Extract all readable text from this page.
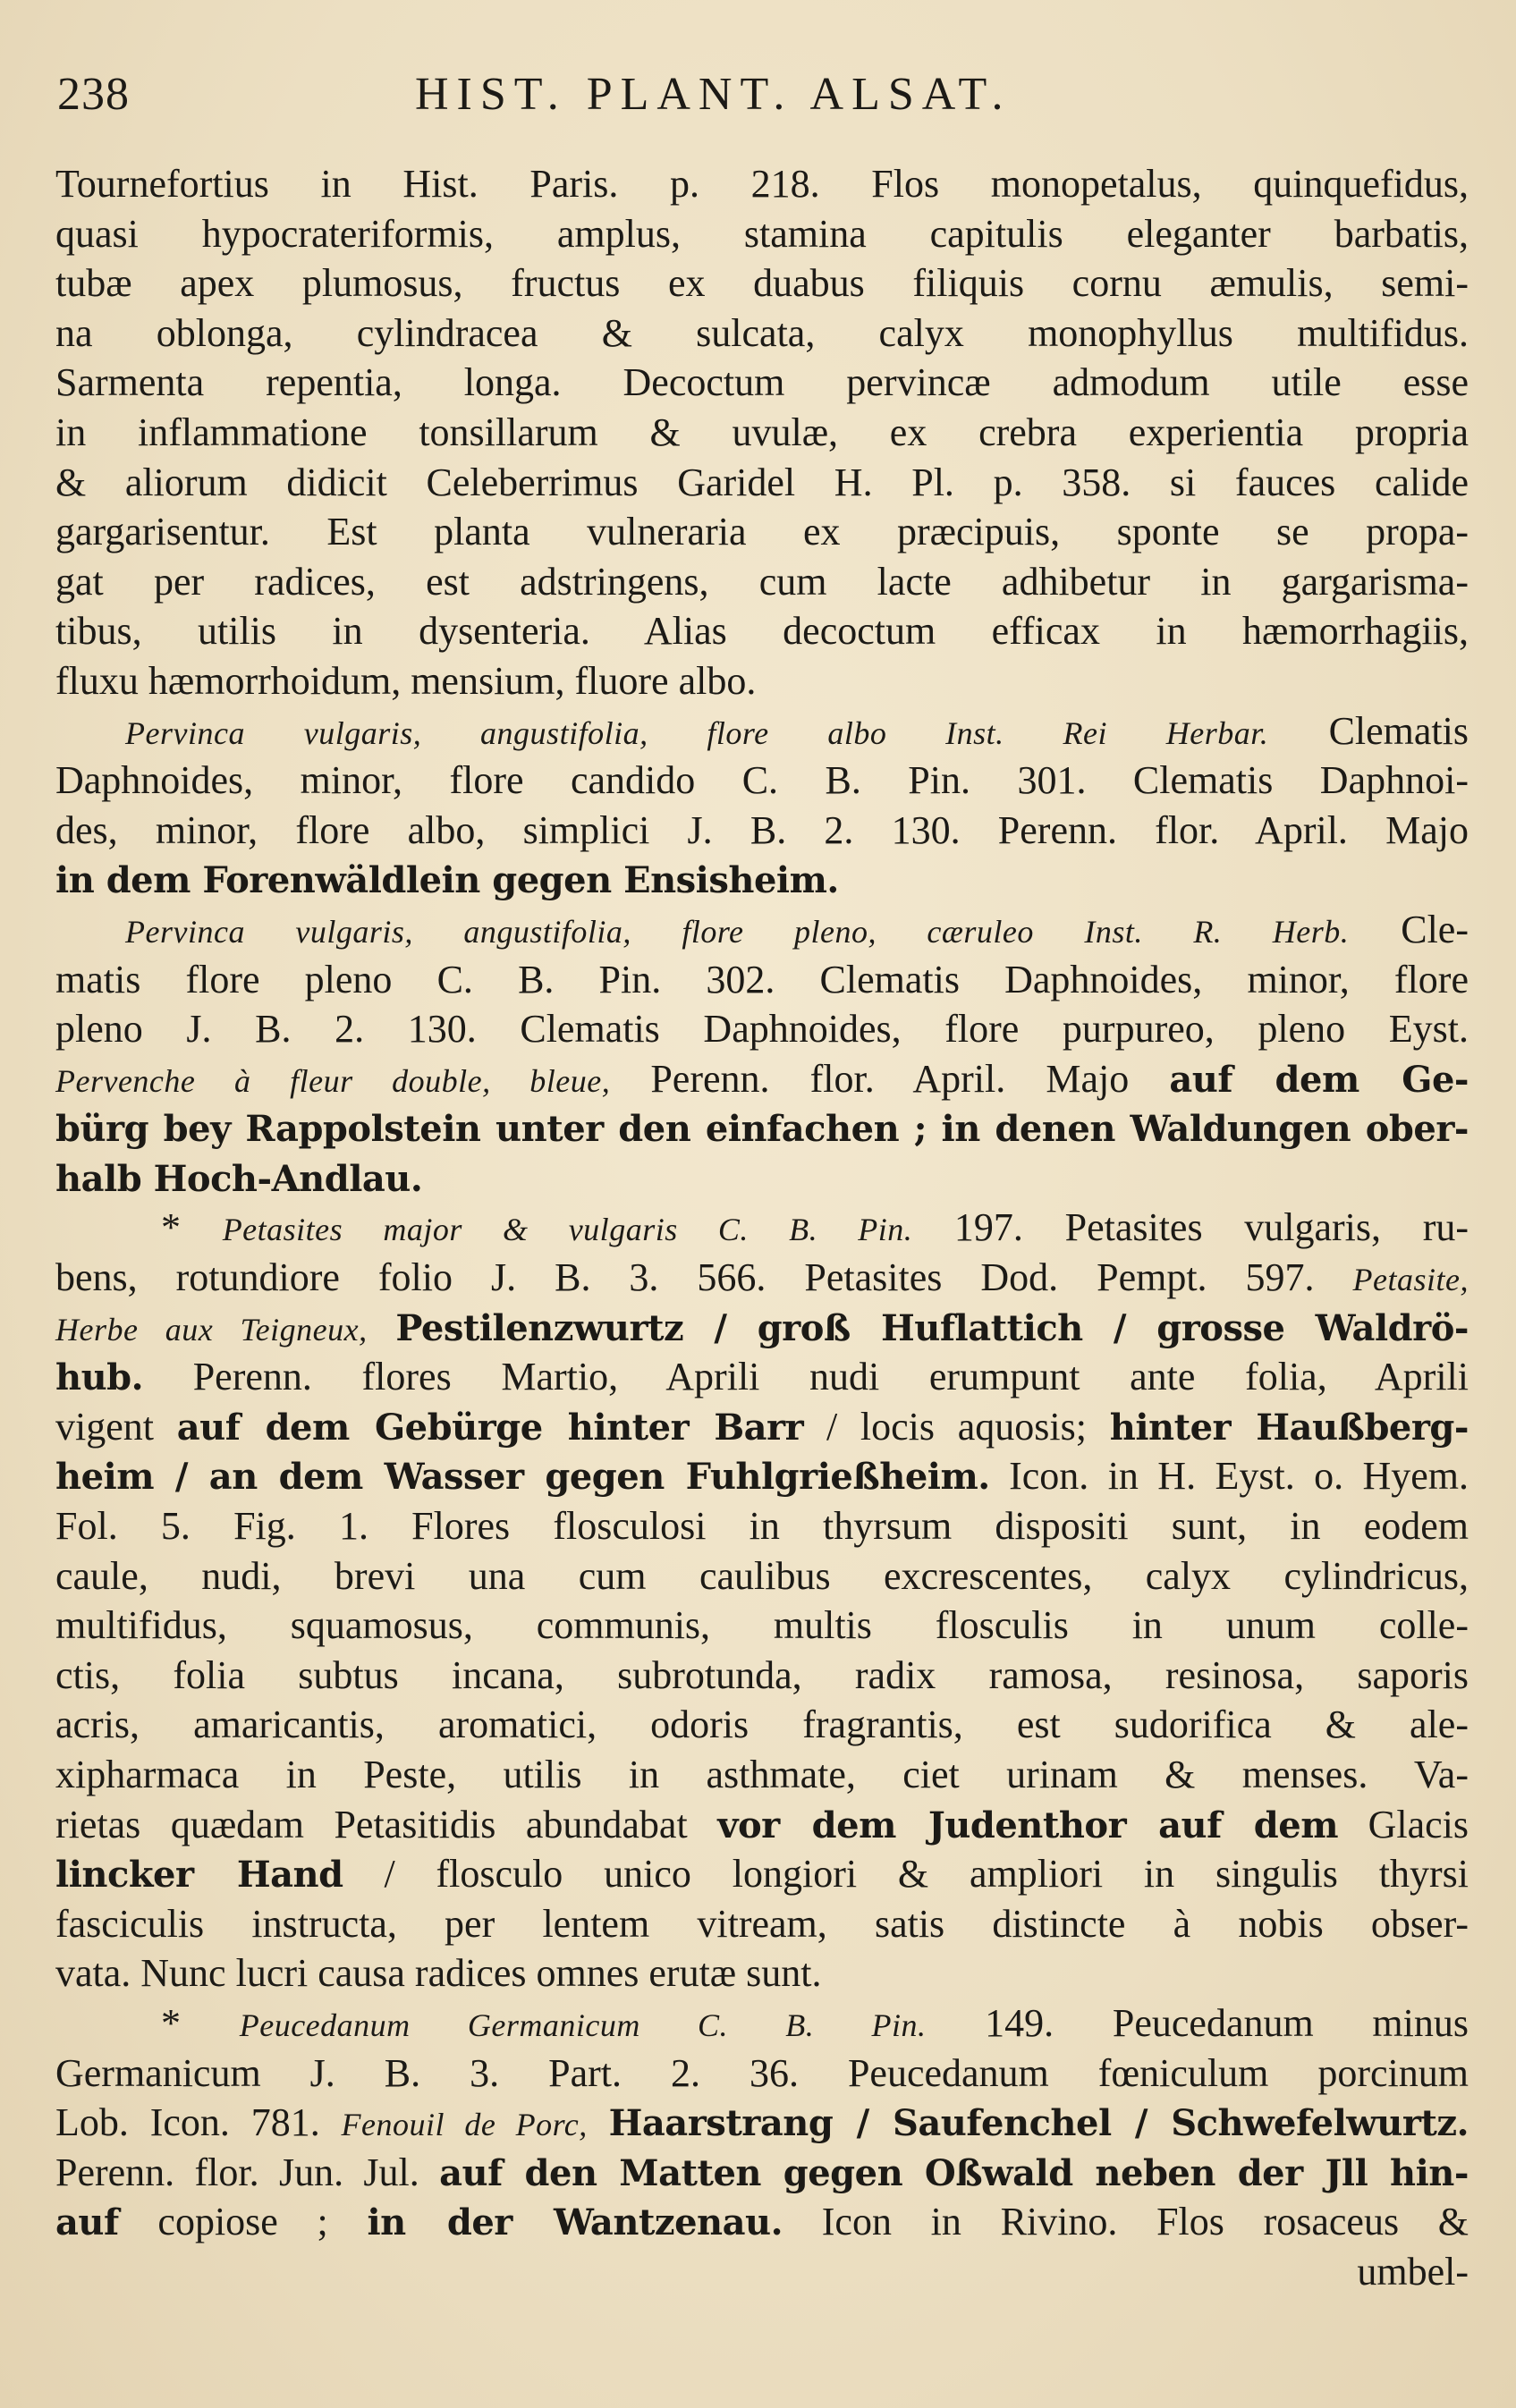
238	HIST. PLANT. ALSAT.
Tournefortius in Hist. Paris. p. 218. Flos monopetalus, quinquefidus,
quasi hypocrateriformis, amplus, stamina capitulis eleganter barbatis,
tubæ apex plumosus, fructus ex duabus filiquis cornu æmulis, semi-
na oblonga, cylindracea & sulcata, calyx monophyllus multifidus.
Sarmenta repentia, longa. Decoctum pervincæ admodum utile esse
in inflammatione tonsillarum & uvulæ, ex crebra experientia propria
& aliorum didicit Celeberrimus Garidel H. Pl. p. 358. si fauces calide
gargarisentur. Est planta vulneraria ex præcipuis, sponte se propa-
gat per radices, est adstringens, cum lacte adhibetur in gargarisma-
tibus, utilis in dysenteria. Alias decoctum efficax in hæmorrhagiis,
fluxu hæmorrhoidum, mensium, fluore albo.
Pervinca vulgaris, angustifolia, flore albo Inst. Rei Herbar. Clematis
Daphnoides, minor, flore candido C. B. Pin. 301. Clematis Daphnoi-
des, minor, flore albo, simplici J. B. 2. 130. Perenn. flor. April. Majo
in dem Forenwäldlein gegen Ensisheim.
Pervinca vulgaris, angustifolia, flore pleno, cæruleo Inst. R. Herb. Cle-
matis flore pleno C. B. Pin. 302. Clematis Daphnoides, minor, flore
pleno J. B. 2. 130. Clematis Daphnoides, flore purpureo, pleno Eyst.
Pervenche à fleur double, bleue, Perenn. flor. April. Majo auf dem Ge-
bürg bey Rappolstein unter den einfachen ; in denen Waldungen ober-
halb Hoch-Andlau.
* Petasites major & vulgaris C. B. Pin. 197. Petasites vulgaris, ru-
bens, rotundiore folio J. B. 3. 566. Petasites Dod. Pempt. 597. Petasite,
Herbe aux Teigneux, Pestilenzwurtz / groß Huflattich / grosse Waldrö-
hub. Perenn. flores Martio, Aprili nudi erumpunt ante folia, Aprili
vigent auf dem Gebürge hinter Barr / locis aquosis; hinter Haußberg-
heim / an dem Wasser gegen Fuhlgrießheim. Icon. in H. Eyst. o. Hyem.
Fol. 5. Fig. 1. Flores flosculosi in thyrsum dispositi sunt, in eodem
caule, nudi, brevi una cum caulibus excrescentes, calyx cylindricus,
multifidus, squamosus, communis, multis flosculis in unum colle-
ctis, folia subtus incana, subrotunda, radix ramosa, resinosa, saporis
acris, amaricantis, aromatici, odoris fragrantis, est sudorifica & ale-
xipharmaca in Peste, utilis in asthmate, ciet urinam & menses. Va-
rietas quædam Petasitidis abundabat vor dem Judenthor auf dem Glacis
lincker Hand / flosculo unico longiori & ampliori in singulis thyrsi
fasciculis instructa, per lentem vitream, satis distincte à nobis obser-
vata. Nunc lucri causa radices omnes erutæ sunt.
* Peucedanum Germanicum C. B. Pin. 149. Peucedanum minus
Germanicum J. B. 3. Part. 2. 36. Peucedanum fœniculum porcinum
Lob. Icon. 781. Fenouil de Porc, Haarstrang / Saufenchel / Schwefelwurtz.
Perenn. flor. Jun. Jul. auf den Matten gegen Oßwald neben der Jll hin-
auf copiose ; in der Wantzenau. Icon in Rivino. Flos rosaceus &
umbel-
